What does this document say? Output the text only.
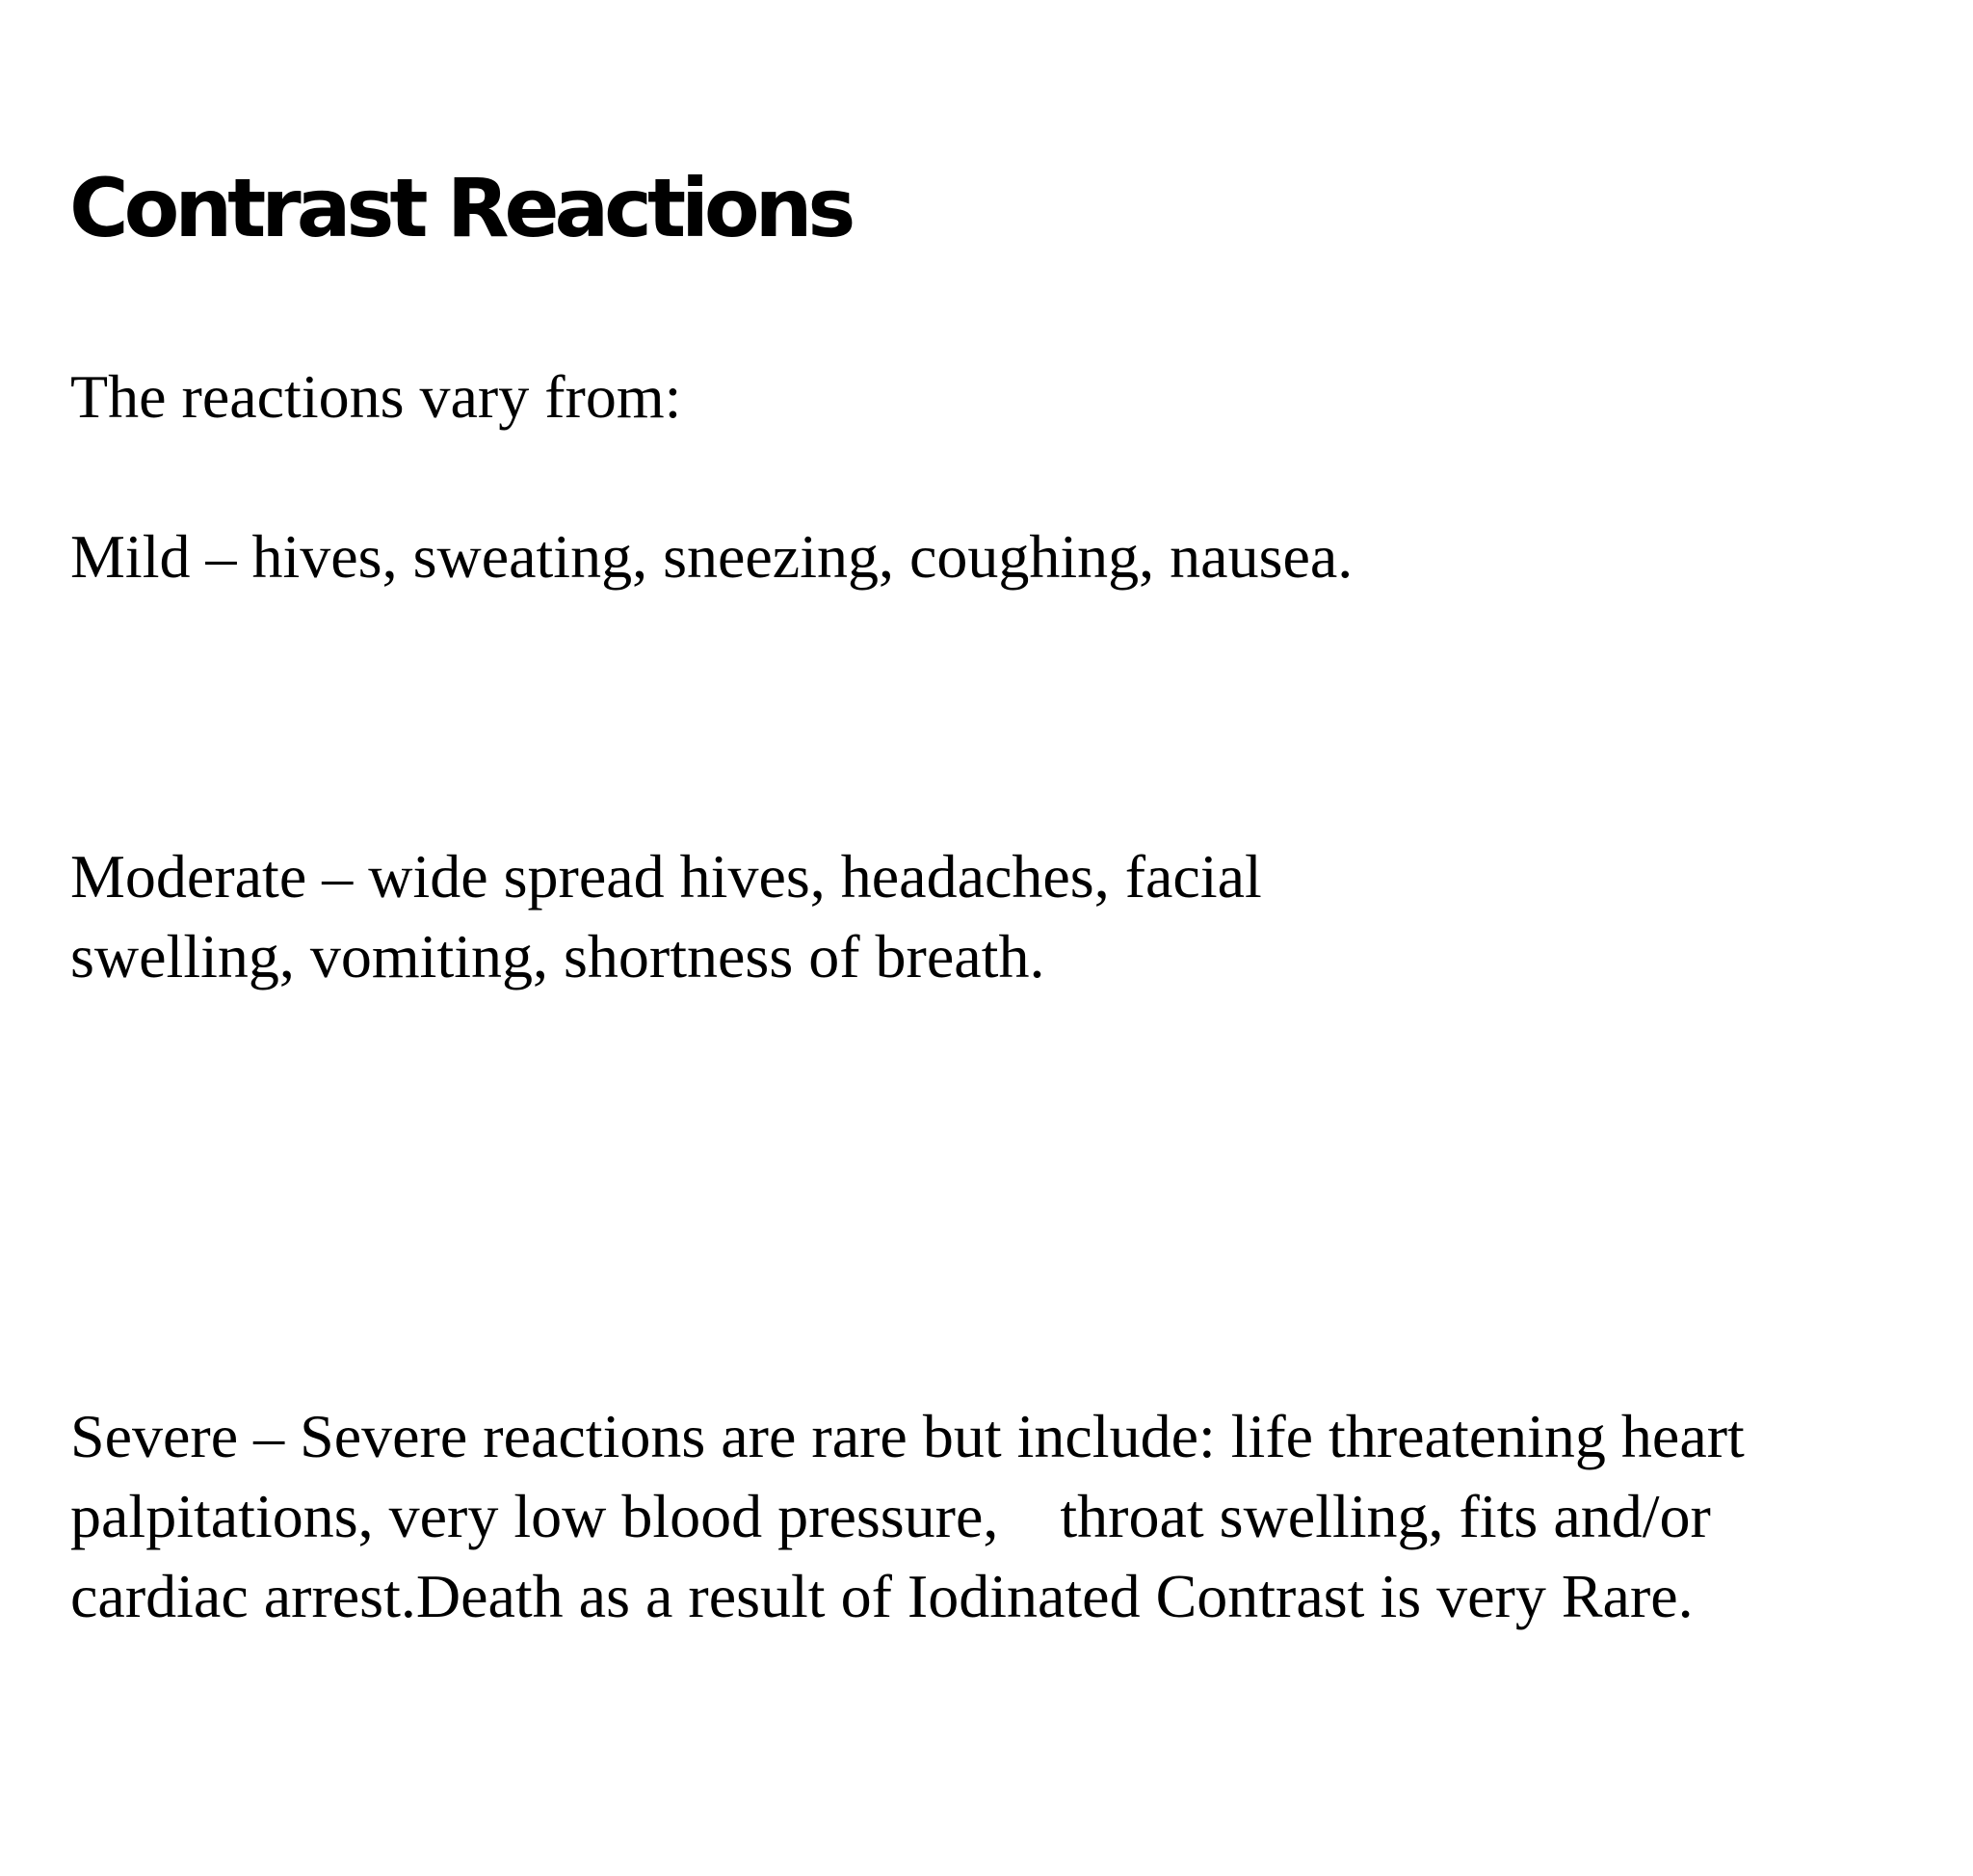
Contrast Reactions

The reactions vary from:

Mild – hives, sweating, sneezing, coughing, nausea.

Moderate – wide spread hives, headaches, facial
swelling, vomiting, shortness of breath.

Severe – Severe reactions are rare but include: life threatening heart
palpitations, very low blood pressure,    throat swelling, fits and/or
cardiac arrest.Death as a result of Iodinated Contrast is very Rare.
